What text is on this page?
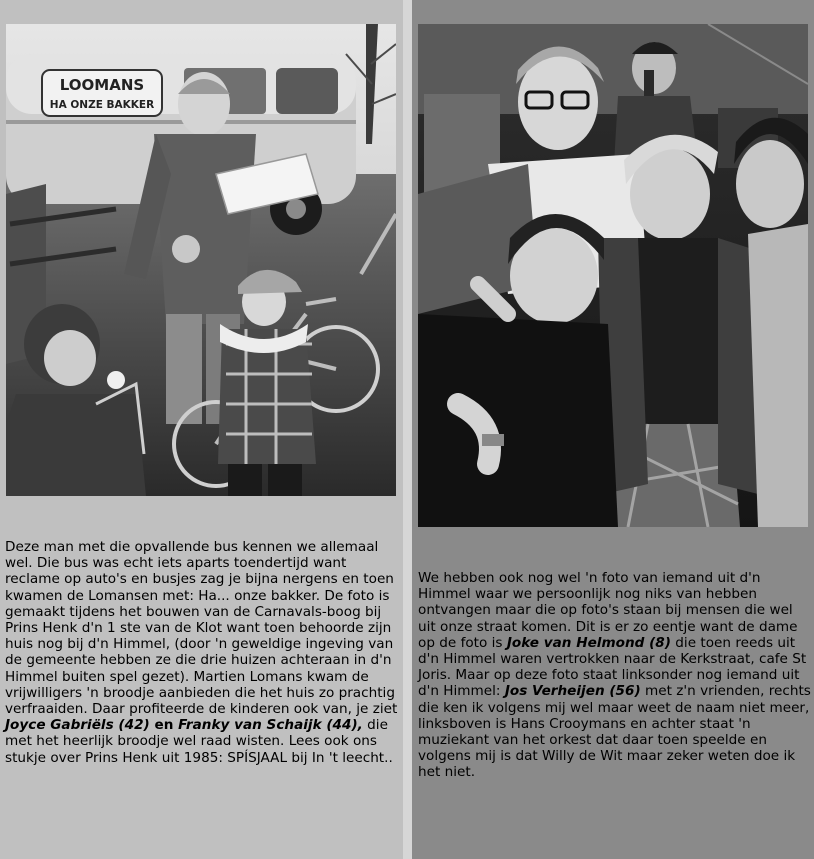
LOOMANS
HA ONZE BAKKER
Deze man met die opvallende bus kennen we allemaal wel. Die bus was echt iets aparts toendertijd want reclame op auto's en busjes zag je bijna nergens en toen kwamen de Lomansen met: Ha... onze bakker. De foto is gemaakt tijdens het bouwen van de Carnavals-boog bij Prins Henk d'n 1 ste van de Klot want toen behoorde zijn huis nog bij d'n Himmel, (door 'n geweldige ingeving van de gemeente hebben ze die drie huizen achteraan in d'n Himmel buiten spel gezet). Martien Lomans kwam de vrijwilligers 'n broodje aanbieden die het huis zo prachtig verfraaiden. Daar profiteerde de kinderen ook van, je ziet Joyce Gabriëls (42) en Franky van Schaijk (44), die met het heerlijk broodje wel raad wisten. Lees ook ons stukje over Prins Henk uit 1985: SPÍSJAAL bij In 't leecht..
We hebben ook nog wel 'n foto van iemand uit d'n Himmel waar we persoonlijk nog niks van hebben ontvangen maar die op foto's staan bij mensen die wel uit onze straat komen. Dit is er zo eentje want de dame op de foto is Joke van Helmond (8) die toen reeds uit d'n Himmel waren vertrokken naar de Kerkstraat, cafe St Joris. Maar op deze foto staat linksonder nog iemand uit d'n Himmel: Jos Verheijen (56) met z'n vrienden, rechts die ken ik volgens mij wel maar weet de naam niet meer, linksboven is Hans Crooymans en achter staat 'n muziekant van het orkest dat daar toen speelde en volgens mij is dat Willy de Wit maar zeker weten doe ik het niet.
